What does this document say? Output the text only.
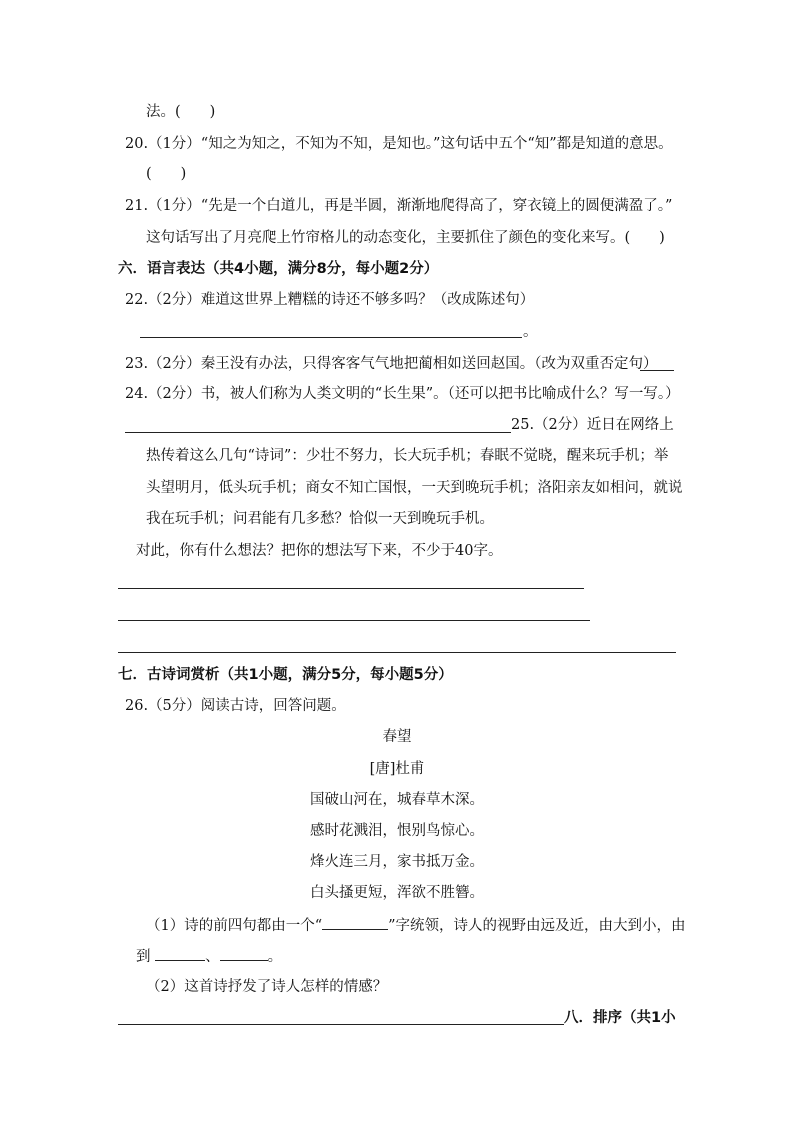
法。(　　)
20.（1分）“知之为知之，不知为不知，是知也。”这句话中五个“知”都是知道的意思。
(　　)
21.（1分）“先是一个白道儿，再是半圆，渐渐地爬得高了，穿衣镜上的圆便满盈了。”
这句话写出了月亮爬上竹帘格儿的动态变化，主要抓住了颜色的变化来写。(　　)
六．语言表达（共4小题，满分8分，每小题2分）
22.（2分）难道这世界上糟糕的诗还不够多吗？（改成陈述句）
。
23.（2分）秦王没有办法，只得客客气气地把蔺相如送回赵国。（改为双重否定句）
24.（2分）书，被人们称为人类文明的“长生果”。（还可以把书比喻成什么？写一写。）
25.（2分）近日在网络上
热传着这么几句“诗词”：少壮不努力，长大玩手机；春眠不觉晓，醒来玩手机；举
头望明月，低头玩手机；商女不知亡国恨，一天到晚玩手机；洛阳亲友如相问，就说
我在玩手机；问君能有几多愁？恰似一天到晚玩手机。
对此，你有什么想法？把你的想法写下来，不少于40字。
七．古诗词赏析（共1小题，满分5分，每小题5分）
26.（5分）阅读古诗，回答问题。
春望
[唐]杜甫
国破山河在，城春草木深。
感时花溅泪，恨别鸟惊心。
烽火连三月，家书抵万金。
白头搔更短，浑欲不胜簪。
（1）诗的前四句都由一个“	”字统领，诗人的视野由远及近，由大到小，由
到	、	。
（2）这首诗抒发了诗人怎样的情感？
八．排序（共1小
